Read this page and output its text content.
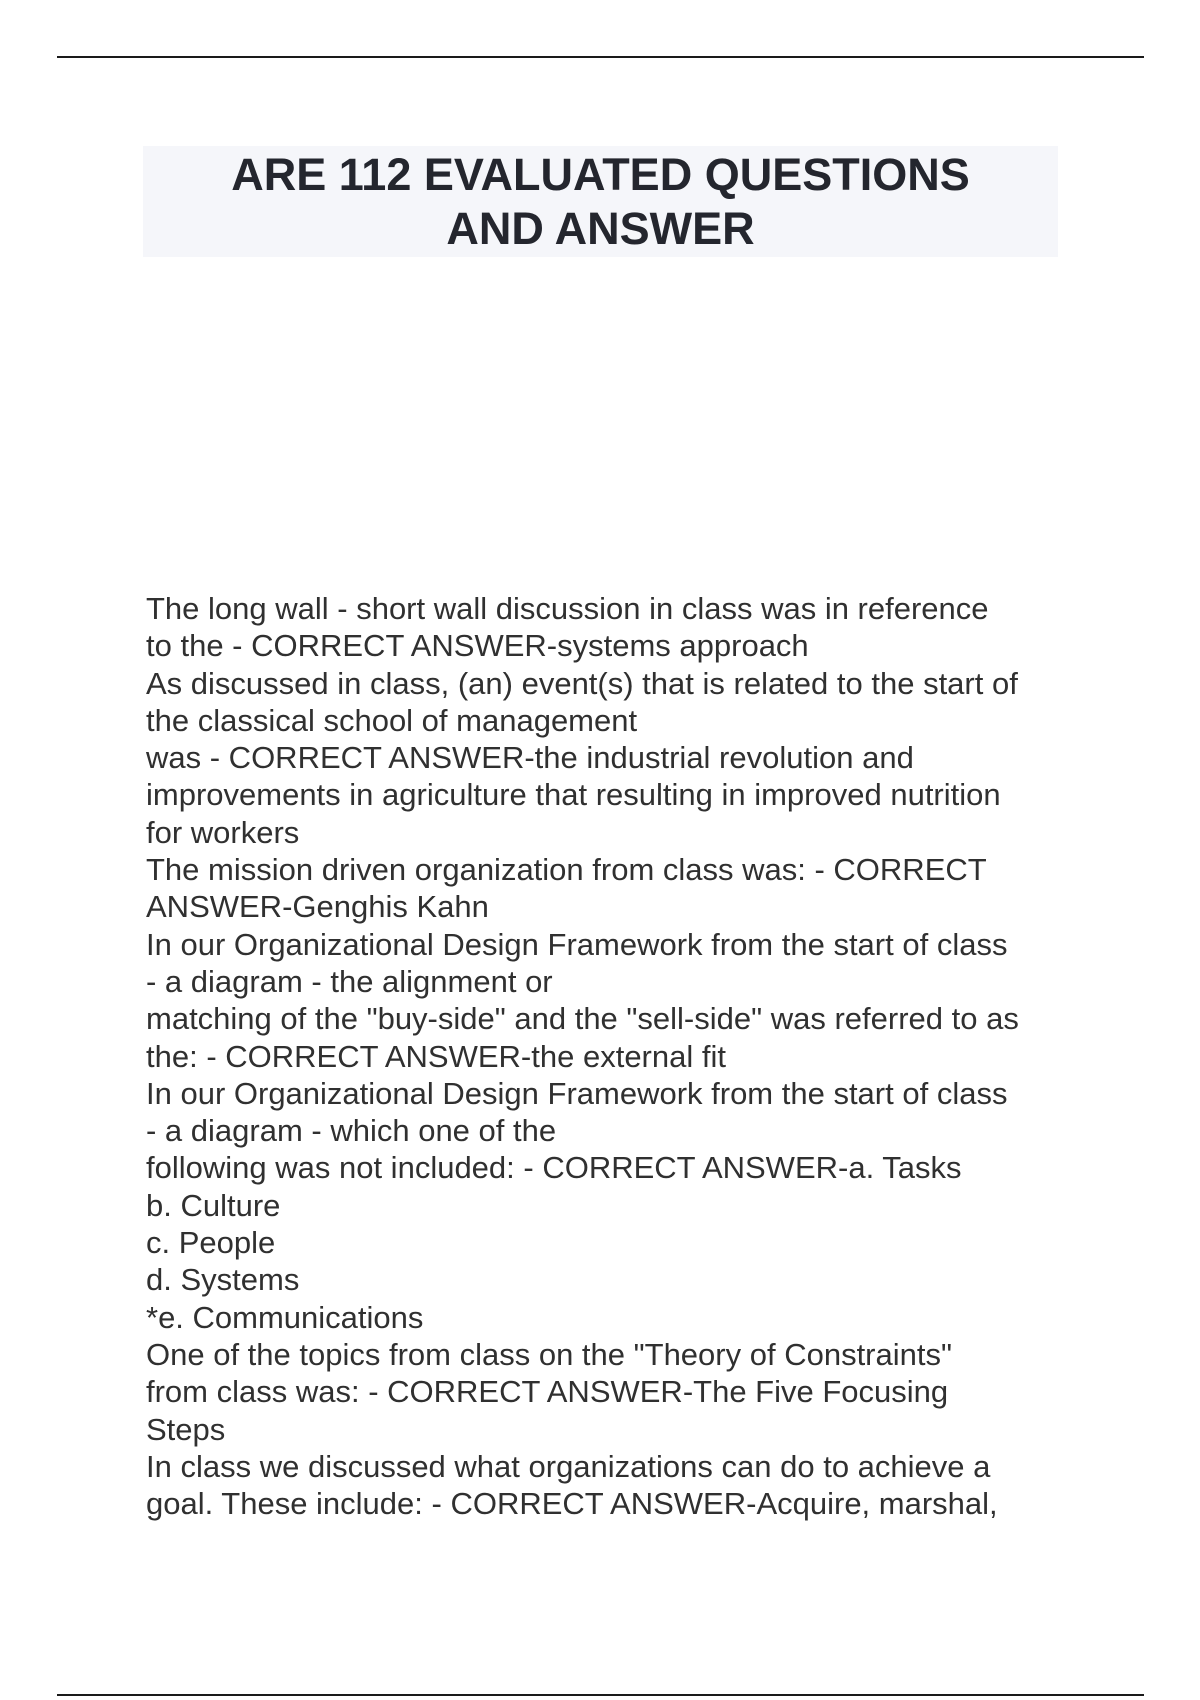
ARE 112 EVALUATED QUESTIONS
AND ANSWER
The long wall - short wall discussion in class was in reference
to the - CORRECT ANSWER-systems approach
As discussed in class, (an) event(s) that is related to the start of
the classical school of management
was - CORRECT ANSWER-the industrial revolution and
improvements in agriculture that resulting in improved nutrition
for workers
The mission driven organization from class was: - CORRECT
ANSWER-Genghis Kahn
In our Organizational Design Framework from the start of class
- a diagram - the alignment or
matching of the "buy-side" and the "sell-side" was referred to as
the: - CORRECT ANSWER-the external fit
In our Organizational Design Framework from the start of class
- a diagram - which one of the
following was not included: - CORRECT ANSWER-a. Tasks
b. Culture
c. People
d. Systems
*e. Communications
One of the topics from class on the "Theory of Constraints"
from class was: - CORRECT ANSWER-The Five Focusing
Steps
In class we discussed what organizations can do to achieve a
goal. These include: - CORRECT ANSWER-Acquire, marshal,
